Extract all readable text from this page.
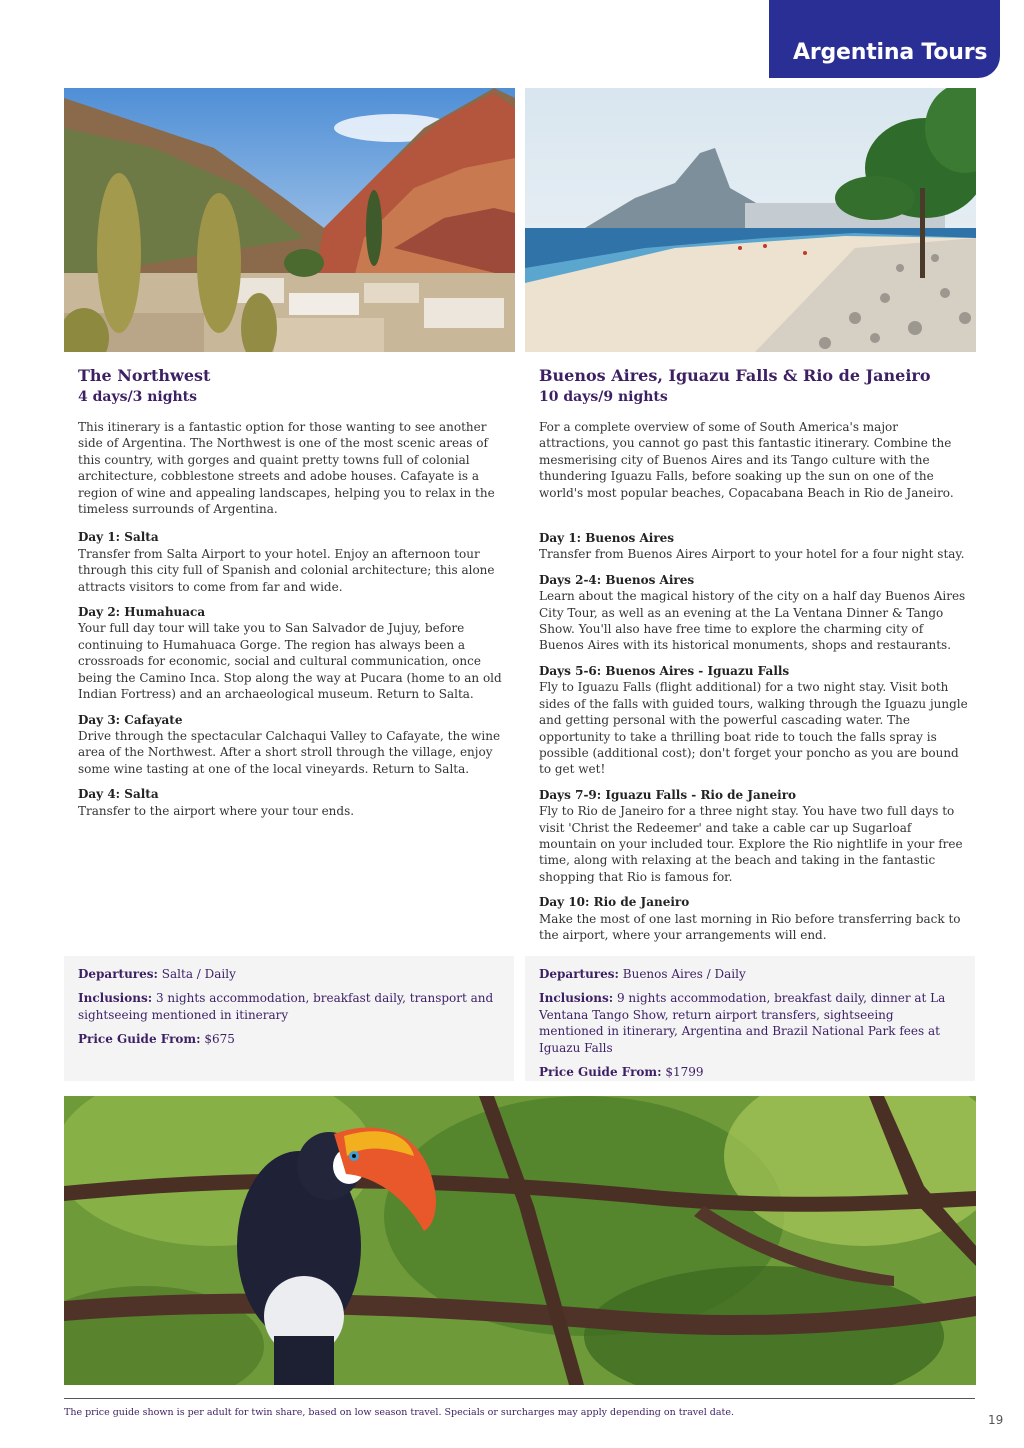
Argentina Tours
The Northwest
4 days/3 nights

This itinerary is a fantastic option for those wanting to see another side of Argentina. The Northwest is one of the most scenic areas of this country, with gorges and quaint pretty towns full of colonial architecture, cobblestone streets and adobe houses. Cafayate is a region of wine and appealing landscapes, helping you to relax in the timeless surrounds of Argentina.

Day 1: Salta
Transfer from Salta Airport to your hotel. Enjoy an afternoon tour through this city full of Spanish and colonial architecture; this alone attracts visitors to come from far and wide.
Day 2: Humahuaca
Your full day tour will take you to San Salvador de Jujuy, before continuing to Humahuaca Gorge. The region has always been a crossroads for economic, social and cultural communication, once being the Camino Inca. Stop along the way at Pucara (home to an old Indian Fortress) and an archaeological museum. Return to Salta.
Day 3: Cafayate
Drive through the spectacular Calchaqui Valley to Cafayate, the wine area of the Northwest. After a short stroll through the village, enjoy some wine tasting at one of the local vineyards. Return to Salta.
Day 4: Salta
Transfer to the airport where your tour ends.
Buenos Aires, Iguazu Falls & Rio de Janeiro
10 days/9 nights

For a complete overview of some of South America's major attractions, you cannot go past this fantastic itinerary. Combine the mesmerising city of Buenos Aires and its Tango culture with the thundering Iguazu Falls, before soaking up the sun on one of the world's most popular beaches, Copacabana Beach in Rio de Janeiro.

Day 1: Buenos Aires
Transfer from Buenos Aires Airport to your hotel for a four night stay.
Days 2-4: Buenos Aires
Learn about the magical history of the city on a half day Buenos Aires City Tour, as well as an evening at the La Ventana Dinner & Tango Show. You'll also have free time to explore the charming city of Buenos Aires with its historical monuments, shops and restaurants.
Days 5-6: Buenos Aires - Iguazu Falls
Fly to Iguazu Falls (flight additional) for a two night stay. Visit both sides of the falls with guided tours, walking through the Iguazu jungle and getting personal with the powerful cascading water. The opportunity to take a thrilling boat ride to touch the falls spray is possible (additional cost); don't forget your poncho as you are bound to get wet!
Days 7-9: Iguazu Falls - Rio de Janeiro
Fly to Rio de Janeiro for a three night stay. You have two full days to visit 'Christ the Redeemer' and take a cable car up Sugarloaf mountain on your included tour. Explore the Rio nightlife in your free time, along with relaxing at the beach and taking in the fantastic shopping that Rio is famous for.
Day 10: Rio de Janeiro
Make the most of one last morning in Rio before transferring back to the airport, where your arrangements will end.

Departures: Salta / Daily

Inclusions: 3 nights accommodation, breakfast daily, transport and sightseeing mentioned in itinerary

Price Guide From: $675

Departures: Buenos Aires / Daily

Inclusions: 9 nights accommodation, breakfast daily, dinner at La Ventana Tango Show, return airport transfers, sightseeing mentioned in itinerary, Argentina and Brazil National Park fees at Iguazu Falls

Price Guide From: $1799

The price guide shown is per adult for twin share, based on low season travel. Specials or surcharges may apply depending on travel date.
19
